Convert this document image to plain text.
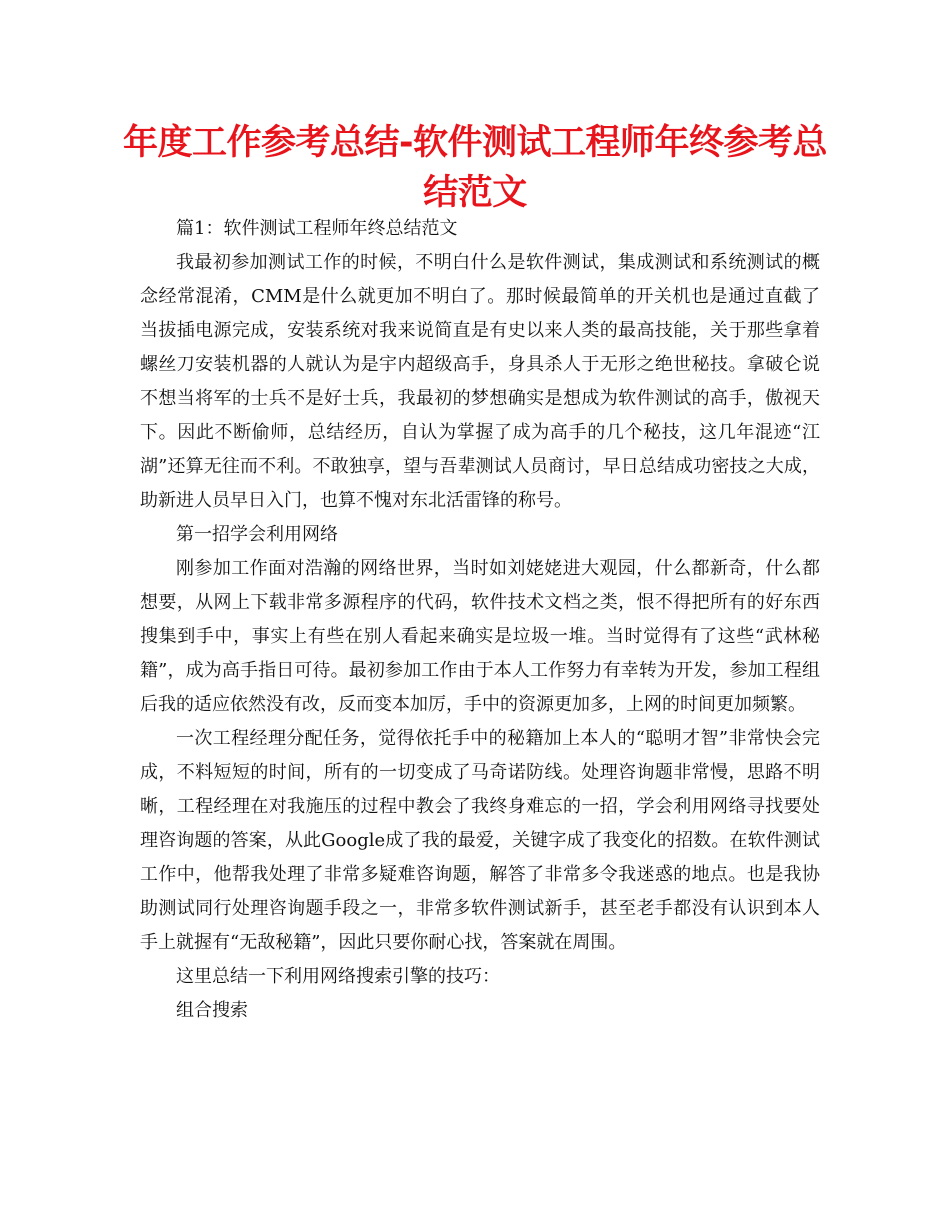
年度工作参考总结-软件测试工程师年终参考总结范文

篇1：软件测试工程师年终总结范文

我最初参加测试工作的时候，不明白什么是软件测试，集成测试和系统测试的概念经常混淆，CMM是什么就更加不明白了。那时候最简单的开关机也是通过直截了当拔插电源完成，安装系统对我来说简直是有史以来人类的最高技能，关于那些拿着螺丝刀安装机器的人就认为是宇内超级高手，身具杀人于无形之绝世秘技。拿破仑说不想当将军的士兵不是好士兵，我最初的梦想确实是想成为软件测试的高手，傲视天下。因此不断偷师，总结经历，自认为掌握了成为高手的几个秘技，这几年混迹“江湖”还算无往而不利。不敢独享，望与吾辈测试人员商讨，早日总结成功密技之大成，助新进人员早日入门，也算不愧对东北活雷锋的称号。

第一招学会利用网络

刚参加工作面对浩瀚的网络世界，当时如刘姥姥进大观园，什么都新奇，什么都想要，从网上下载非常多源程序的代码，软件技术文档之类，恨不得把所有的好东西搜集到手中，事实上有些在别人看起来确实是垃圾一堆。当时觉得有了这些“武林秘籍”，成为高手指日可待。最初参加工作由于本人工作努力有幸转为开发，参加工程组后我的适应依然没有改，反而变本加厉，手中的资源更加多，上网的时间更加频繁。

一次工程经理分配任务，觉得依托手中的秘籍加上本人的“聪明才智”非常快会完成，不料短短的时间，所有的一切变成了马奇诺防线。处理咨询题非常慢，思路不明晰，工程经理在对我施压的过程中教会了我终身难忘的一招，学会利用网络寻找要处理咨询题的答案，从此Google成了我的最爱，关键字成了我变化的招数。在软件测试工作中，他帮我处理了非常多疑难咨询题，解答了非常多令我迷惑的地点。也是我协助测试同行处理咨询题手段之一，非常多软件测试新手，甚至老手都没有认识到本人手上就握有“无敌秘籍”，因此只要你耐心找，答案就在周围。

这里总结一下利用网络搜索引擎的技巧：

组合搜索
